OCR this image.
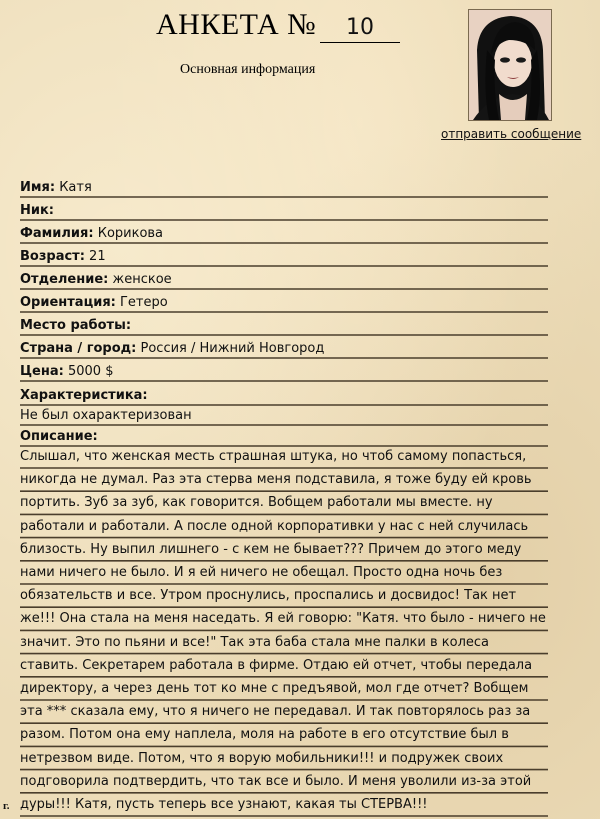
АНКЕТА №	10
Основная информация
отправить сообщение
Имя: Катя
Ник:
Фамилия: Корикова
Возраст: 21
Отделение: женское
Ориентация: Гетеро
Место работы:
Страна / город: Россия / Нижний Новгород
Цена: 5000 $
Характеристика:
Не был охарактеризован
Описание:
Слышал, что женская месть страшная штука, но чтоб самому попасться,
никогда не думал. Раз эта стерва меня подставила, я тоже буду ей кровь
портить. Зуб за зуб, как говорится. Вобщем работали мы вместе. ну
работали и работали. А после одной корпоративки у нас с ней случилась
близость. Ну выпил лишнего - с кем не бывает??? Причем до этого меду
нами ничего не было. И я ей ничего не обещал. Просто одна ночь без
обязательств и все. Утром проснулись, проспались и досвидос! Так нет
же!!! Она стала на меня наседать. Я ей говорю: "Катя. что было - ничего не
значит. Это по пьяни и все!" Так эта баба стала мне палки в колеса
ставить. Секретарем работала в фирме. Отдаю ей отчет, чтобы передала
директору, а через день тот ко мне с предъявой, мол где отчет? Вобщем
эта *** сказала ему, что я ничего не передавал. И так повторялось раз за
разом. Потом она ему наплела, моля на работе в его отсутствие был в
нетрезвом виде. Потом, что я ворую мобильники!!! и подружек своих
подговорила подтвердить, что так все и было. И меня уволили из-за этой
дуры!!! Катя, пусть теперь все узнают, какая ты СТЕРВА!!!
г.
